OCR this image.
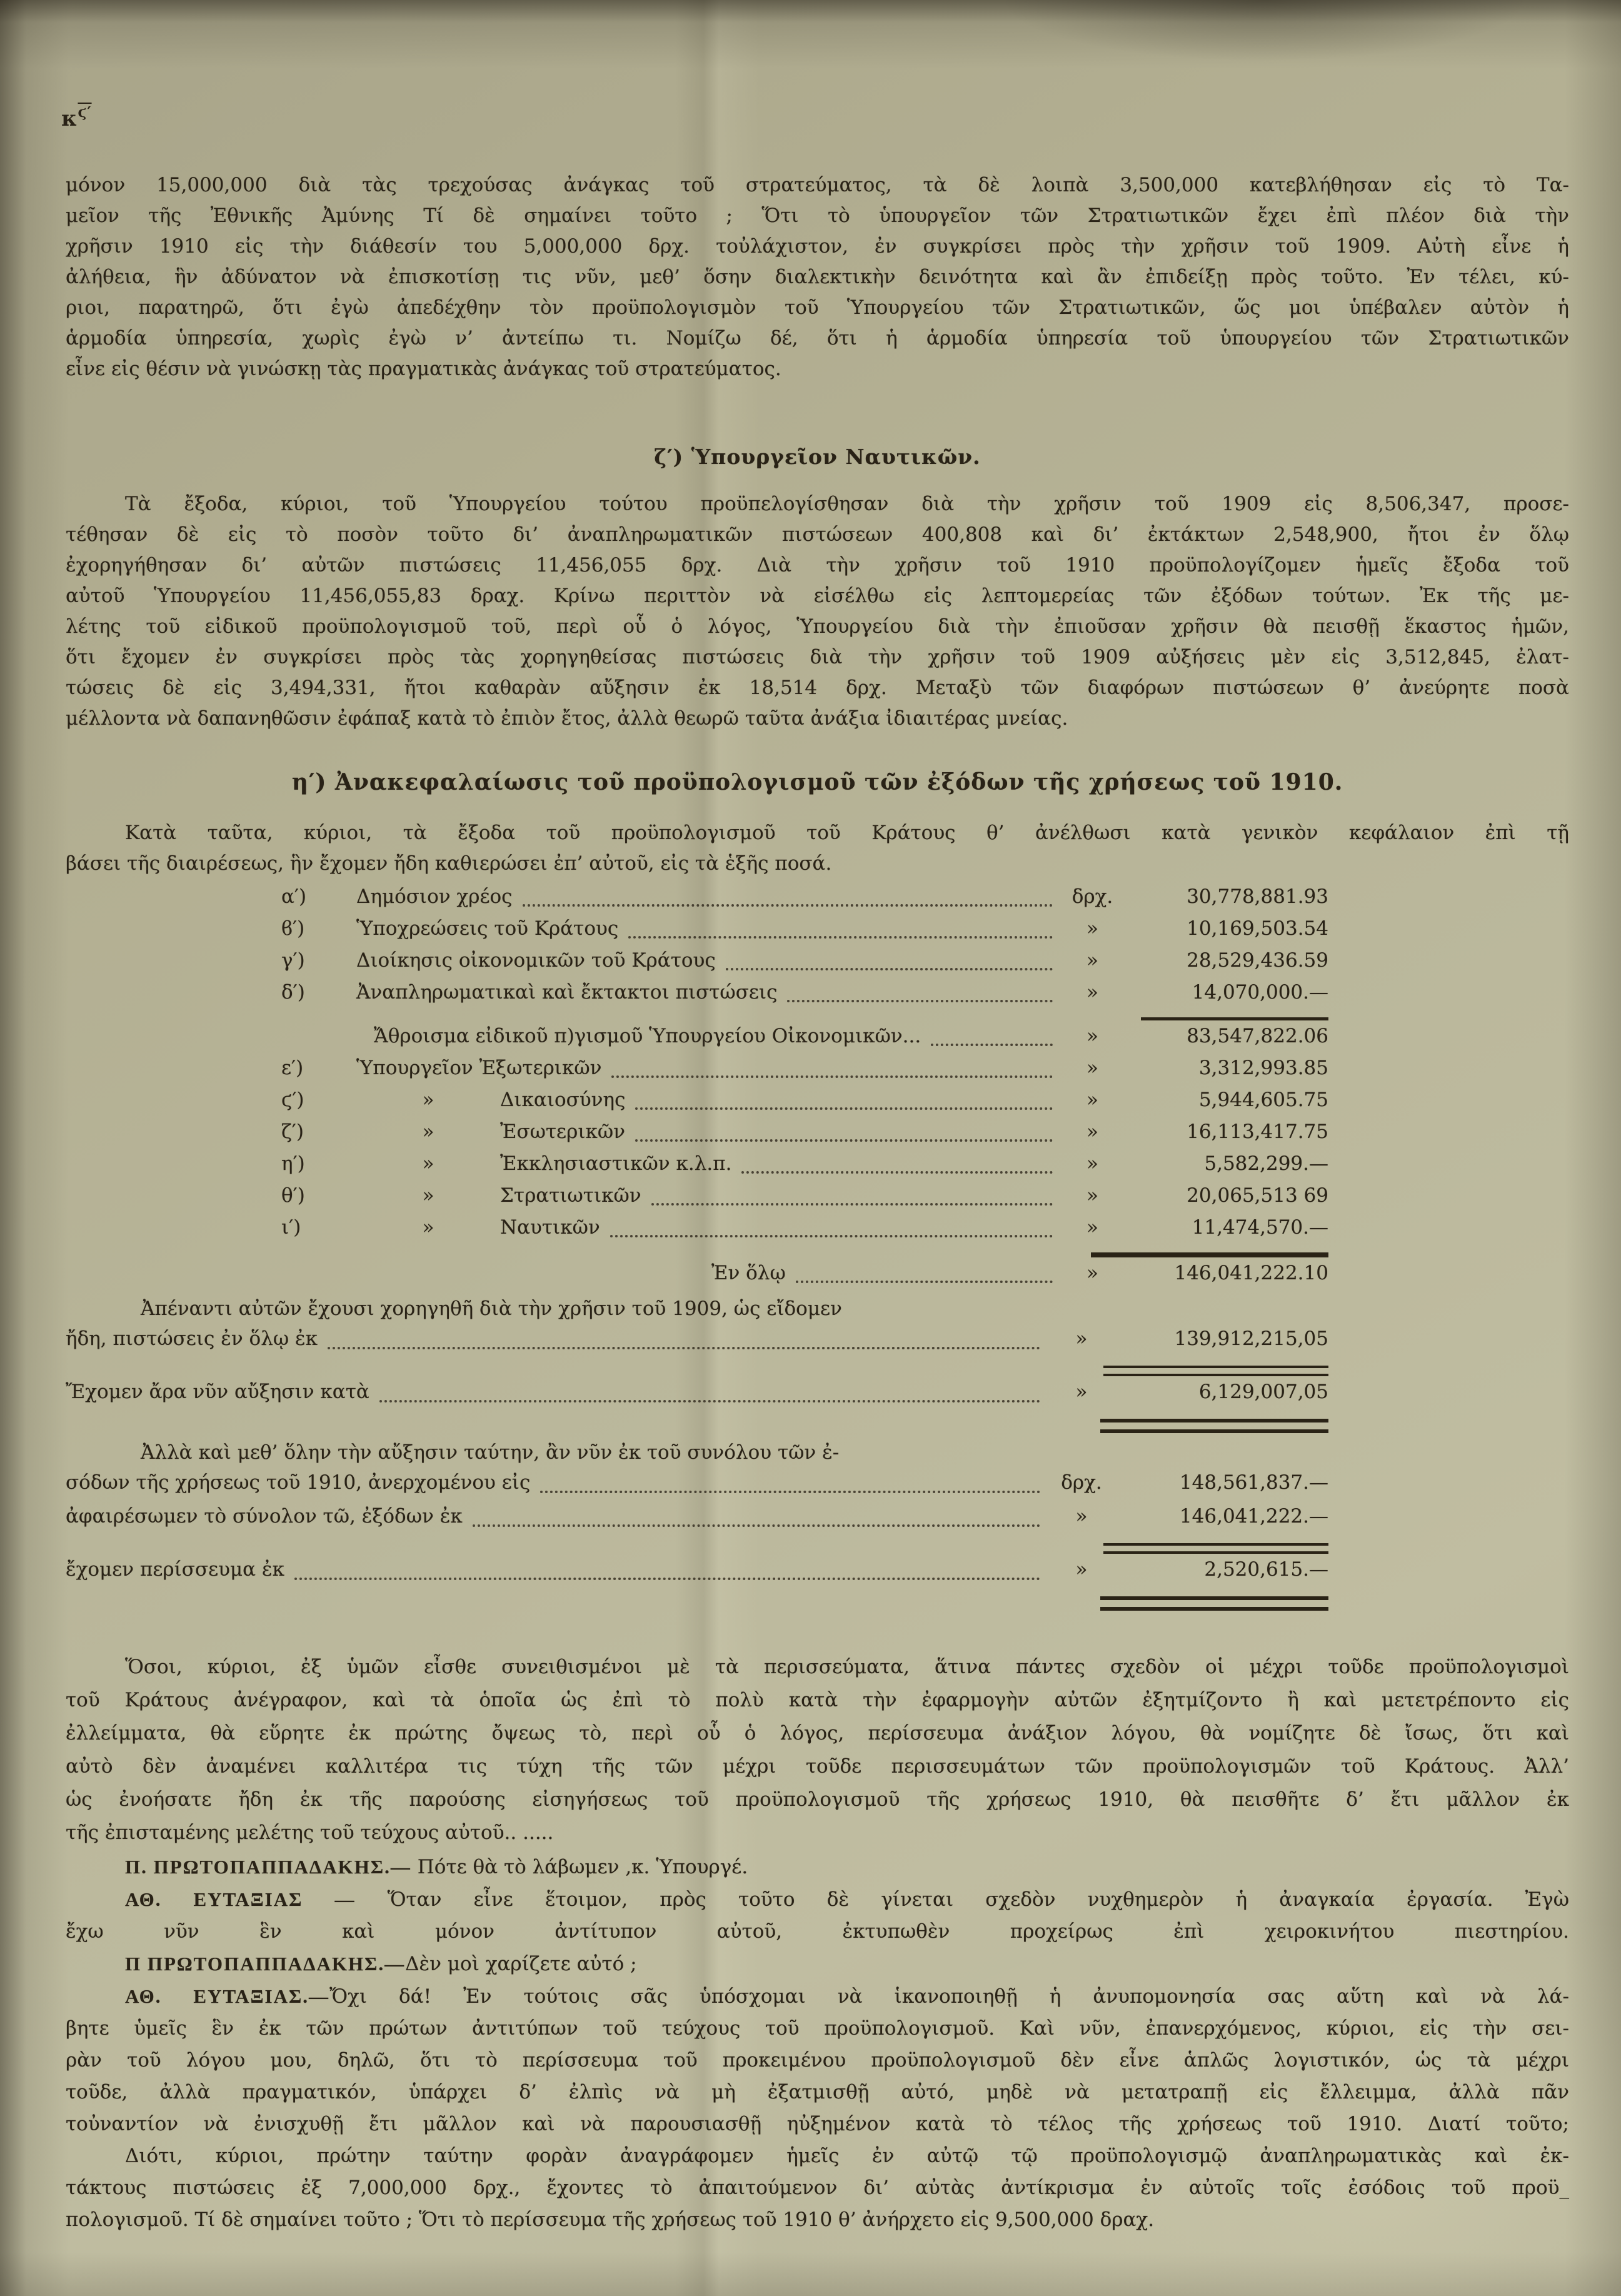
$\kappa^{ϛ'}$
μόνον 15,000,000 διὰ τὰς τρεχούσας ἀνάγκας τοῦ στρατεύματος, τὰ δὲ λοιπὰ 3,500,000 κατεβλήθησαν εἰς τὸ Τα-
μεῖον τῆς Ἐθνικῆς Ἀμύνης Τί δὲ σημαίνει τοῦτο ; Ὅτι τὸ ὑπουργεῖον τῶν Στρατιωτικῶν ἔχει ἐπὶ πλέον διὰ τὴν
χρῆσιν 1910 εἰς τὴν διάθεσίν του 5,000,000 δρχ. τοὐλάχιστον, ἐν συγκρίσει πρὸς τὴν χρῆσιν τοῦ 1909. Αὐτὴ εἶνε ἡ
ἀλήθεια, ἣν ἀδύνατον νὰ ἐπισκοτίσῃ τις νῦν, μεθ’ ὅσην διαλεκτικὴν δεινότητα καὶ ἂν ἐπιδείξῃ πρὸς τοῦτο. Ἐν τέλει, κύ-
ριοι, παρατηρῶ, ὅτι ἐγὼ ἀπεδέχθην τὸν προϋπολογισμὸν τοῦ Ὑπουργείου τῶν Στρατιωτικῶν, ὥς μοι ὑπέβαλεν αὐτὸν ἡ
ἁρμοδία ὑπηρεσία, χωρὶς ἐγὼ ν’ ἀντείπω τι. Νομίζω δέ, ὅτι ἡ ἁρμοδία ὑπηρεσία τοῦ ὑπουργείου τῶν Στρατιωτικῶν
εἶνε εἰς θέσιν νὰ γινώσκῃ τὰς πραγματικὰς ἀνάγκας τοῦ στρατεύματος.
ζ′) Ὑπουργεῖον Ναυτικῶν.
Τὰ ἔξοδα, κύριοι, τοῦ Ὑπουργείου τούτου προϋπελογίσθησαν διὰ τὴν χρῆσιν τοῦ 1909 εἰς 8,506,347, προσε-
τέθησαν δὲ εἰς τὸ ποσὸν τοῦτο δι’ ἀναπληρωματικῶν πιστώσεων 400,808 καὶ δι’ ἐκτάκτων 2,548,900, ἤτοι ἐν ὅλῳ
ἐχορηγήθησαν δι’ αὐτῶν πιστώσεις 11,456,055 δρχ. Διὰ τὴν χρῆσιν τοῦ 1910 προϋπολογίζομεν ἡμεῖς ἔξοδα τοῦ
αὐτοῦ Ὑπουργείου 11,456,055,83 δραχ. Κρίνω περιττὸν νὰ εἰσέλθω εἰς λεπτομερείας τῶν ἐξόδων τούτων. Ἐκ τῆς με-
λέτης τοῦ εἰδικοῦ προϋπολογισμοῦ τοῦ, περὶ οὗ ὁ λόγος, Ὑπουργείου διὰ τὴν ἐπιοῦσαν χρῆσιν θὰ πεισθῇ ἕκαστος ἡμῶν,
ὅτι ἔχομεν ἐν συγκρίσει πρὸς τὰς χορηγηθείσας πιστώσεις διὰ τὴν χρῆσιν τοῦ 1909 αὐξήσεις μὲν εἰς 3,512,845, ἐλατ-
τώσεις δὲ εἰς 3,494,331, ἤτοι καθαρὰν αὔξησιν ἐκ 18,514 δρχ. Μεταξὺ τῶν διαφόρων πιστώσεων θ’ ἀνεύρητε ποσὰ
μέλλοντα νὰ δαπανηθῶσιν ἐφάπαξ κατὰ τὸ ἐπιὸν ἔτος, ἀλλὰ θεωρῶ ταῦτα ἀνάξια ἰδιαιτέρας μνείας.
η′) Ἀνακεφαλαίωσις τοῦ προϋπολογισμοῦ τῶν ἐξόδων τῆς χρήσεως τοῦ 1910.
Κατὰ ταῦτα, κύριοι, τὰ ἔξοδα τοῦ προϋπολογισμοῦ τοῦ Κράτους θ’ ἀνέλθωσι κατὰ γενικὸν κεφάλαιον ἐπὶ τῇ
βάσει τῆς διαιρέσεως, ἣν ἔχομεν ἤδη καθιερώσει ἐπ’ αὐτοῦ, εἰς τὰ ἑξῆς ποσά.
α′)	Δημόσιον χρέος	δρχ.	30,778,881.93
ϐ′)	Ὑποχρεώσεις τοῦ Κράτους	»	10,169,503.54
γ′)	Διοίκησις οἰκονομικῶν τοῦ Κράτους	»	28,529,436.59
δ′)	Ἀναπληρωματικαὶ καὶ ἔκτακτοι πιστώσεις	»	14,070,000.—
Ἄθροισμα εἰδικοῦ π)γισμοῦ Ὑπουργείου Οἰκονομικῶν...	»	83,547,822.06
ε′)	Ὑπουργεῖον Ἐξωτερικῶν	»	3,312,993.85
ϛ′)	»	Δικαιοσύνης	»	5,944,605.75
ζ′)	»	Ἐσωτερικῶν	»	16,113,417.75
η′)	»	Ἐκκλησιαστικῶν κ.λ.π.	»	5,582,299.—
θ′)	»	Στρατιωτικῶν	»	20,065,513 69
ι′)	»	Ναυτικῶν	»	11,474,570.—
Ἐν ὅλῳ	»	146,041,222.10
Ἀπέναντι αὐτῶν ἔχουσι χορηγηθῆ διὰ τὴν χρῆσιν τοῦ 1909, ὡς εἴδομεν
ἤδη, πιστώσεις ἐν ὅλῳ ἐκ	»	139,912,215,05
Ἔχομεν ἄρα νῦν αὔξησιν κατὰ	»	6,129,007,05
Ἀλλὰ καὶ μεθ’ ὅλην τὴν αὔξησιν ταύτην, ἂν νῦν ἐκ τοῦ συνόλου τῶν ἐ-
σόδων τῆς χρήσεως τοῦ 1910, ἀνερχομένου εἰς	δρχ.	148,561,837.—
ἀφαιρέσωμεν τὸ σύνολον τῶ, ἐξόδων ἐκ	»	146,041,222.—
ἔχομεν περίσσευμα ἐκ	»	2,520,615.—
Ὅσοι, κύριοι, ἐξ ὑμῶν εἶσθε συνειθισμένοι μὲ τὰ περισσεύματα, ἅτινα πάντες σχεδὸν οἱ μέχρι τοῦδε προϋπολογισμοὶ
τοῦ Κράτους ἀνέγραφον, καὶ τὰ ὁποῖα ὡς ἐπὶ τὸ πολὺ κατὰ τὴν ἐφαρμογὴν αὐτῶν ἐξητμίζοντο ἢ καὶ μετετρέποντο εἰς
ἐλλείμματα, θὰ εὕρητε ἐκ πρώτης ὄψεως τὸ, περὶ οὗ ὁ λόγος, περίσσευμα ἀνάξιον λόγου, θὰ νομίζητε δὲ ἴσως, ὅτι καὶ
αὐτὸ δὲν ἀναμένει καλλιτέρα τις τύχη τῆς τῶν μέχρι τοῦδε περισσευμάτων τῶν προϋπολογισμῶν τοῦ Κράτους. Ἀλλ’
ὡς ἐνοήσατε ἤδη ἐκ τῆς παρούσης εἰσηγήσεως τοῦ προϋπολογισμοῦ τῆς χρήσεως 1910, θὰ πεισθῆτε δ’ ἔτι μᾶλλον ἐκ
τῆς ἐπισταμένης μελέτης τοῦ τεύχους αὐτοῦ.. .....
Π. ΠΡΩΤΟΠΑΠΠΑΔΑΚΗΣ.— Πότε θὰ τὸ λάβωμεν ,κ. Ὑπουργέ.
ΑΘ. ΕΥΤΑΞΙΑΣ — Ὅταν εἶνε ἕτοιμον, πρὸς τοῦτο δὲ γίνεται σχεδὸν νυχθημερὸν ἡ ἀναγκαία ἐργασία. Ἐγὼ
ἔχω νῦν ἓν καὶ μόνον ἀντίτυπον αὐτοῦ, ἐκτυπωθὲν προχείρως ἐπὶ χειροκινήτου πιεστηρίου.
Π ΠΡΩΤΟΠΑΠΠΑΔΑΚΗΣ.—Δὲν μοὶ χαρίζετε αὐτό ;
ΑΘ. ΕΥΤΑΞΙΑΣ.—Ὄχι δά! Ἐν τούτοις σᾶς ὑπόσχομαι νὰ ἱκανοποιηθῇ ἡ ἀνυπομονησία σας αὕτη καὶ νὰ λά-
βητε ὑμεῖς ἓν ἐκ τῶν πρώτων ἀντιτύπων τοῦ τεύχους τοῦ προϋπολογισμοῦ. Καὶ νῦν, ἐπανερχόμενος, κύριοι, εἰς τὴν σει-
ρὰν τοῦ λόγου μου, δηλῶ, ὅτι τὸ περίσσευμα τοῦ προκειμένου προϋπολογισμοῦ δὲν εἶνε ἁπλῶς λογιστικόν, ὡς τὰ μέχρι
τοῦδε, ἀλλὰ πραγματικόν, ὑπάρχει δ’ ἐλπὶς νὰ μὴ ἐξατμισθῇ αὐτό, μηδὲ νὰ μετατραπῇ εἰς ἔλλειμμα, ἀλλὰ πᾶν
τοὐναντίον νὰ ἐνισχυθῇ ἔτι μᾶλλον καὶ νὰ παρουσιασθῇ ηὐξημένον κατὰ τὸ τέλος τῆς χρήσεως τοῦ 1910. Διατί τοῦτο;
Διότι, κύριοι, πρώτην ταύτην φορὰν ἀναγράφομεν ἡμεῖς ἐν αὐτῷ τῷ προϋπολογισμῷ ἀναπληρωματικὰς καὶ ἐκ-
τάκτους πιστώσεις ἐξ 7,000,000 δρχ., ἔχοντες τὸ ἀπαιτούμενον δι’ αὐτὰς ἀντίκρισμα ἐν αὐτοῖς τοῖς ἐσόδοις τοῦ προϋ_
πολογισμοῦ. Τί δὲ σημαίνει τοῦτο ; Ὅτι τὸ περίσσευμα τῆς χρήσεως τοῦ 1910 θ’ ἀνήρχετο εἰς 9,500,000 δραχ.
